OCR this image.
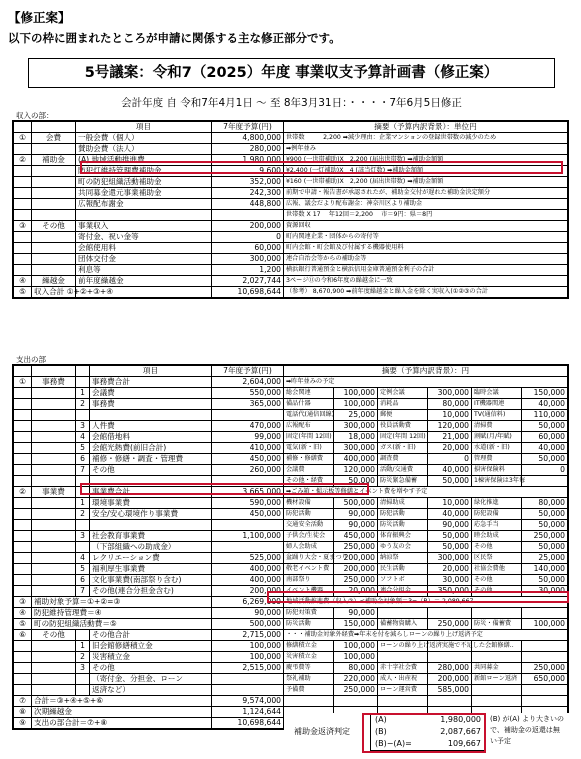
【修正案】
以下の枠に囲まれたところが申請に関係する主な修正部分です。
5号議案：令和7（2025）年度 事業収支予算計画書（修正案）
会計年度 自 令和7年4月1日 ～ 至 8年3月31日：・・・・7年6月5日修正
収入の部：
		項目	7年度予算(円)	摘要（予算内訳背景）：単位円
①	会費	一般会費（個人）	4,800,000	世帯数　　　2,200 ➡減少理由：企業マンションの登録世帯数の減少のため
		賛助会費（法人）	280,000	➡例年並み
②	補助金	(A) 地域活動推進費	1,980,000	¥900 (一世帯補助)X　2,200 (届出世帯数) ➡補助金額額
		防犯灯維持管理費補助金	9,600	¥2,400 (一灯補助)X　4 (該当灯数) ➡補助金額額
		町の防犯組織活動補助金	352,000	¥160 (一世帯補助)X　2,200 (届出世帯数) ➡補助金額額
		共同募金還元事業補助金	242,300	前期で申請・報告書が承認されたが、補助金交付が遅れた補助金決定額分
		広報配布謝金	448,800	広報、議会だより配布謝金：神奈川区より補助金
				世帯数 X 17　 年12回＝2,200　 市＝9円：県＝8円
③	その他	事業収入	200,000	資源回収
		寄付金、祝い金等	0	町内関連企業・団体からの寄付等
		会館使用料	60,000	町内会館・町会館及び付属する機器使用料
		団体交付金	300,000	連合自治会等からの補助金等
		利息等	1,200	横浜銀行普通預金と横浜信用金庫普通預金利子の合計
④	繰越金	前年度繰越金	2,027,744	3ページ⑪の令和6年度の繰越金に一致
⑤	収入合計 ①+②+③+④		10,698,644	（参考） 8,670,900 ➡前年度繰越金と繰入金を除く実収入(①②③の合計
支出の部
			項目	7年度予算(円)	摘要（予算内訳背景）：円					
①	事務費		事務費合計	2,604,000	➡昨年並みの予定					
		1	会議費	550,000	総会関連	100,000	定例会議	300,000	臨時会議	150,000
		2	事務費	365,000	備品什器	100,000	消耗品	80,000	IT機器関連	40,000
					電話代(通信回線)	25,000	郵便	10,000	TV(通信料)	110,000
		3	人件費	470,000	広報配布	300,000	役員活動費	120,000	清掃費	50,000
		4	会館借地料	99,000	固定(年間 12回)	18,000	固定(年間 12回)	21,000	割賦(月/年賦)	60,000
		5	会館光熱費(前旧合計)	410,000	電気(新・旧)	300,000	ガス(新・旧)	20,000	水道(新・旧)	40,000
		6	補修・修繕・調査・管理費	450,000	補修・修繕費	400,000	調査費	0	管理費	50,000
		7	その他	260,000	会議費	120,000	活動/交通費	40,000	損害保険料	0
					その他・経費	50,000	防災緊急備蓄	50,000	1棟害保険は3年毎	
②	事業費		事業費合計	3,665,000	➡ごみ箱・掲示板等修繕とイベント費を増やす予定					
		1	環境事業費	590,000	機材設備	500,000	清掃助成	10,000	緑化推進	80,000
		2	安全/安心環境作り事業費	450,000	防犯活動	90,000	防犯活動	40,000	防犯設備	50,000
					交通安全活動	90,000	防災活動	90,000	応急手当	50,000
		3	社会教育事業費	1,100,000	子供会/生徒会	450,000	体育振興会	50,000	睦会助成	250,000
			（下部組織への助成金）		婦人会助成	250,000	ゆう友の会	50,000	その他	50,000
		4	レクリエーション費	525,000	盆踊り大会・夏まつり	200,000	納涼祭	300,000	区民祭	25,000
		5	福利厚生事業費	400,000	敬老イベント費	200,000	民生活動	20,000	社協会費他	140,000
		6	文化事業費(南部祭り含む)	400,000	南部祭り	250,000	ソフトボ	30,000	その他	50,000
		7	その他(連合分担金含む)	200,000	イベント機器	20,000	連合分担金	350,000	その他	30,000
③	補助対象予算＝①+②=③			6,269,000	地域活動推進費（収入②）<補助金対象額＝3=（B）＝ 2,089,667					
④	防犯維持管理費＝④			90,000	防犯対策費	90,000				
⑤	町の防犯組織活動費＝⑤			500,000	防災活動	150,000	備蓄物資購入	250,000	防災・備蓄費	100,000
⑥	その他		その他合計	2,715,000	・・・補助金対象外経費➡年末を付を減らしローンの繰り上げ返済予定					
		1	旧会館修繕積立金	100,000	修繕積立金	100,000	ローンの繰り上げ返済実施で不足した会館修繕..			
		2	災害積立金	100,000	災害積立金	100,000				
		3	その他	2,515,000	慶弔費等	80,000	赤十字社会費	280,000	共同募金	250,000
			（寄付金、分担金、ローン		祭礼補助	220,000	成人・出産祝	200,000	新館ローン返済	650,000
			返済など）		予備費	250,000	ローン運営費	585,000		
⑦	合計＝③+④+⑤+⑥			9,574,000						
⑧	次期繰越金			1,124,644						
⑨	支出の部合計＝⑦+⑧			10,698,644						
補助金返済判定
(A)	1,980,000
(B)	2,087,667
(B)−(A)=	109,667
(B) が(A) より大きいので、補助金の返還は無い予定
